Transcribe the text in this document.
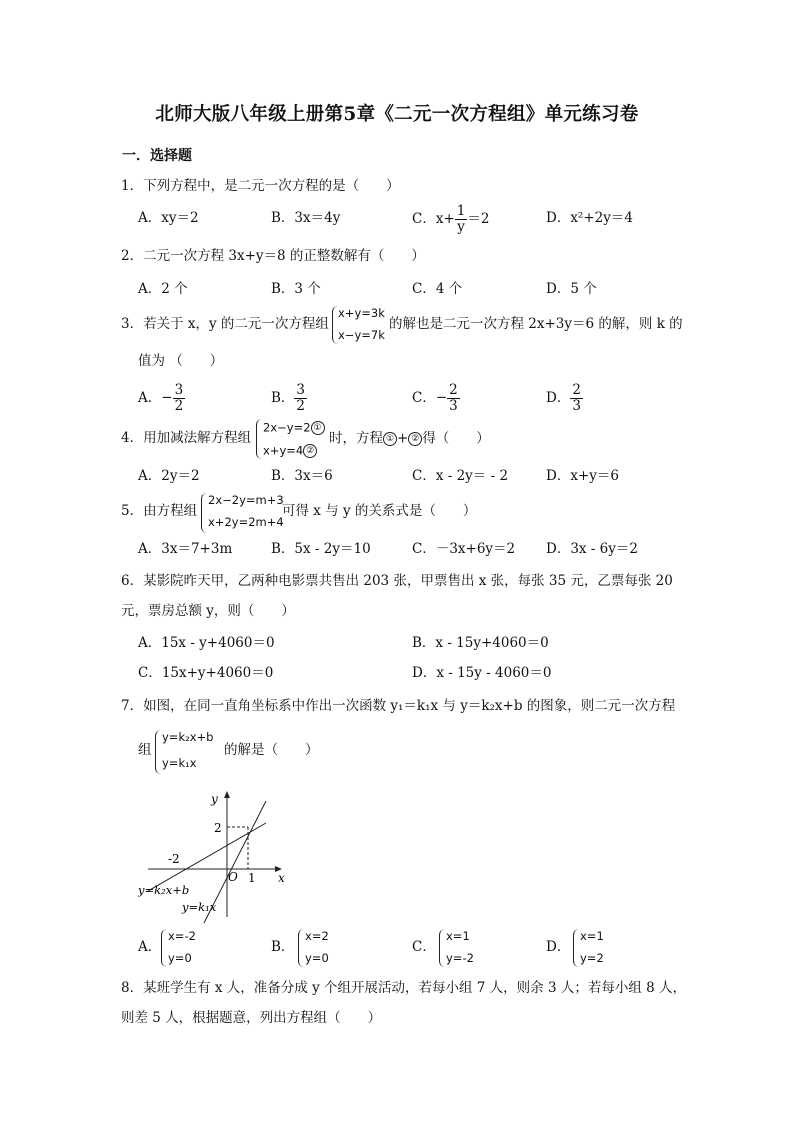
北师大版八年级上册第5章《二元一次方程组》单元练习卷
一．选择题
1．下列方程中，是二元一次方程的是（　　）
A．xy＝2	B．3x＝4y	C．$x+ \frac{1}{y} =2$	D．x²+2y＝4
2．二元一次方程 3x+y＝8 的正整数解有（　　）
A．2 个	B．3 个	C．4 个	D．5 个
3．若关于 x，y 的二元一次方程组
x+y=3k
x−y=7k
的解也是二元一次方程 2x+3y＝6 的解，则 k 的
值为 （　　）
A．− $\frac{3}{2}$	B． $\frac{3}{2}$	C．− $\frac{2}{3}$	D． $\frac{2}{3}$
4．用加减法解方程组
2x−y=2 ①
x+y=4 ②
时，方程 ① + ② 得（　　）
A．2y＝2	B．3x＝6	C．x - 2y＝ - 2	D．x+y＝6
5．由方程组
2x−2y=m+3
x+2y=2m+4
可得 x 与 y 的关系式是（　　）
A．3x＝7+3m	B．5x - 2y＝10	C．－3x+6y＝2 D．3x - 6y＝2
6．某影院昨天甲，乙两种电影票共售出 203 张，甲票售出 x 张，每张 35 元，乙票每张 20
元，票房总额 y，则（　　）
A．15x - y+4060＝0	B．x - 15y+4060＝0
C．15x+y+4060＝0	D．x - 15y - 4060＝0
7．如图，在同一直角坐标系中作出一次函数 y₁＝k₁x 与 y＝k₂x+b 的图象，则二元一次方程
组
y=k₂x+b
y=k₁x
的解是（　　）
y
x
O
2
1
-2
y=k₂x+b
y=k₁x
A．
x=-2
y=0
B．
x=2
y=0
C．
x=1
y=-2
D．
x=1
y=2
8．某班学生有 x 人，准备分成 y 个组开展活动，若每小组 7 人，则余 3 人；若每小组 8 人，
则差 5 人，根据题意，列出方程组（　　）
